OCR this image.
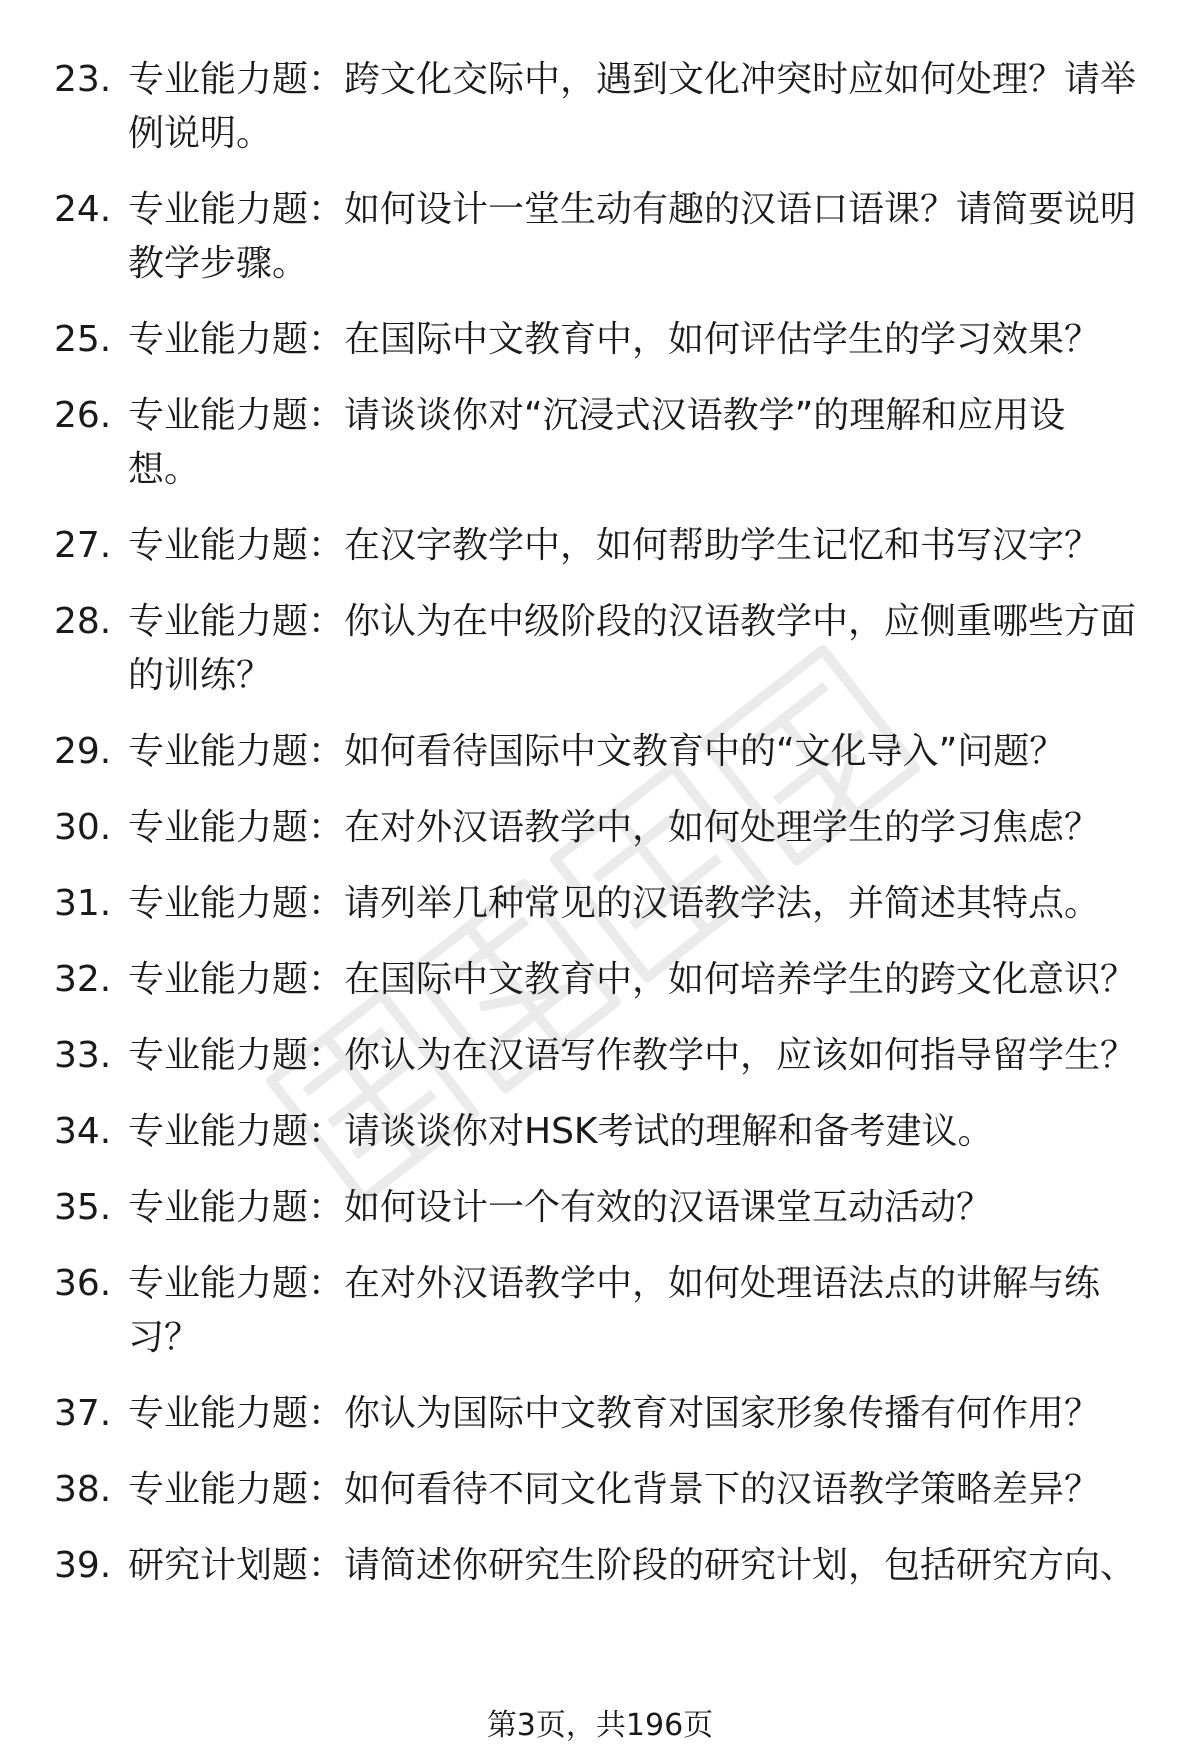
23. 专业能力题：跨文化交际中，遇到文化冲突时应如何处理？请举
例说明。
24. 专业能力题：如何设计一堂生动有趣的汉语口语课？请简要说明
教学步骤。
25. 专业能力题：在国际中文教育中，如何评估学生的学习效果？
26. 专业能力题：请谈谈你对“沉浸式汉语教学”的理解和应用设
想。
27. 专业能力题：在汉字教学中，如何帮助学生记忆和书写汉字？
28. 专业能力题：你认为在中级阶段的汉语教学中，应侧重哪些方面
的训练？
29. 专业能力题：如何看待国际中文教育中的“文化导入”问题？
30. 专业能力题：在对外汉语教学中，如何处理学生的学习焦虑？
31. 专业能力题：请列举几种常见的汉语教学法，并简述其特点。
32. 专业能力题：在国际中文教育中，如何培养学生的跨文化意识？
33. 专业能力题：你认为在汉语写作教学中，应该如何指导留学生？
34. 专业能力题：请谈谈你对HSK考试的理解和备考建议。
35. 专业能力题：如何设计一个有效的汉语课堂互动活动？
36. 专业能力题：在对外汉语教学中，如何处理语法点的讲解与练
习？
37. 专业能力题：你认为国际中文教育对国家形象传播有何作用？
38. 专业能力题：如何看待不同文化背景下的汉语教学策略差异？
39. 研究计划题：请简述你研究生阶段的研究计划，包括研究方向、
第3页，共196页
